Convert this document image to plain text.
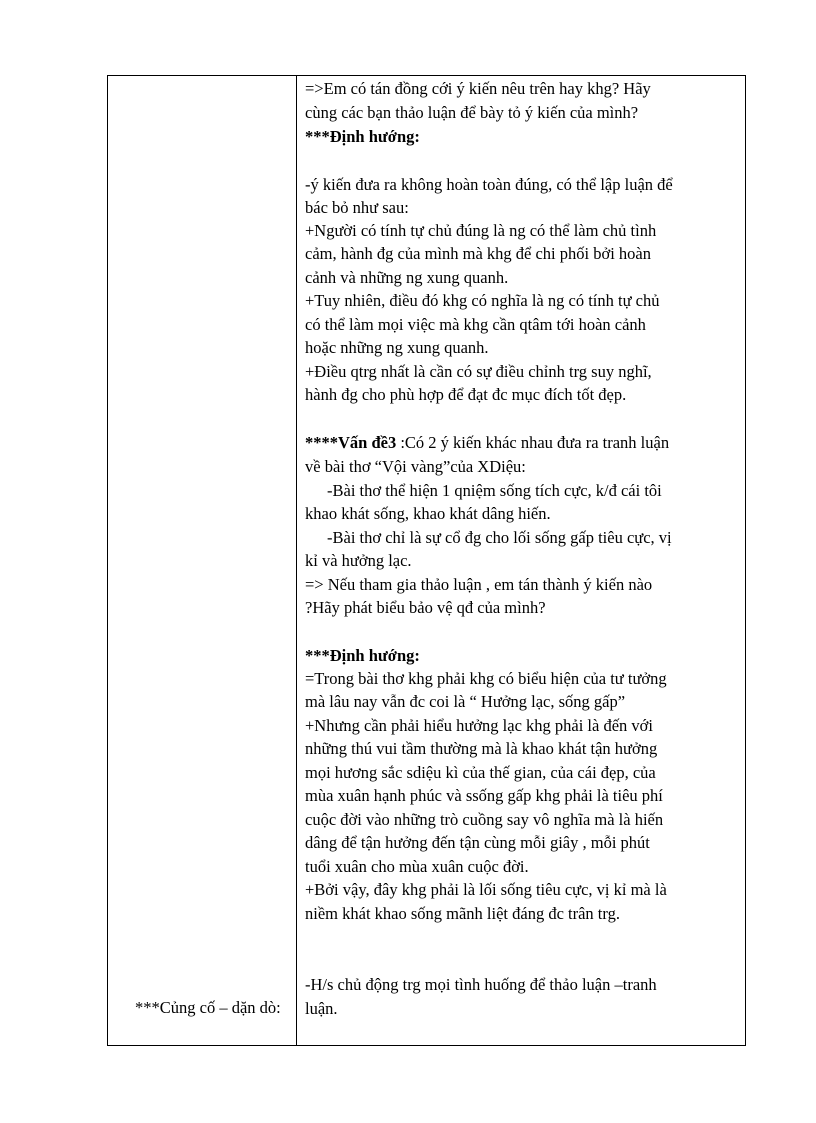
***Củng cố – dặn dò:
=>Em có tán đồng cới ý kiến nêu trên hay khg? Hãy
cùng các bạn thảo luận để bày tỏ ý kiến của mình?
***Định hướng:
-ý kiến đưa ra không hoàn toàn đúng, có thể lập luận để
bác bỏ như sau:
+Người có tính tự chủ đúng là ng có thể làm chủ tình
cảm, hành đg của mình mà khg để chi phối bởi hoàn
cảnh và những ng xung quanh.
+Tuy nhiên, điều đó khg có nghĩa là ng có tính tự chủ
có thể làm mọi việc mà khg cần qtâm tới hoàn cảnh
hoặc những ng xung quanh.
+Điều qtrg nhất là cần có sự điều chỉnh trg suy nghĩ,
hành đg cho phù hợp để đạt đc mục đích tốt đẹp.
****Vấn đề3 :Có 2 ý kiến khác nhau đưa ra tranh luận
về bài thơ “Vội vàng”của XDiệu:
-Bài thơ thể hiện 1 qniệm sống tích cực, k/đ cái tôi
khao khát sống, khao khát dâng hiến.
-Bài thơ chỉ là sự cổ đg cho lối sống gấp tiêu cực, vị
kỉ và hưởng lạc.
=> Nếu tham gia thảo luận , em tán thành ý kiến nào
?Hãy phát biểu bảo vệ qđ của mình?
***Định hướng:
=Trong bài thơ khg phải khg có biểu hiện của tư tưởng
mà lâu nay vẫn đc coi là “ Hưởng lạc, sống gấp”
+Nhưng cần phải hiểu hưởng lạc khg phải là đến với
những thú vui tầm thường mà là khao khát tận hưởng
mọi hương sắc sdiệu kì của thế gian, của cái đẹp, của
mùa xuân hạnh phúc và ssống gấp khg phải là tiêu phí
cuộc đời vào những trò cuồng say vô nghĩa mà là hiến
dâng để tận hưởng đến tận cùng mỗi giây , mỗi phút
tuổi xuân cho mùa xuân cuộc đời.
+Bởi vậy, đây khg phải là lối sống tiêu cực, vị kỉ mà là
niềm khát khao sống mãnh liệt đáng đc trân trg.
-H/s chủ động trg mọi tình huống để thảo luận –tranh
luận.
